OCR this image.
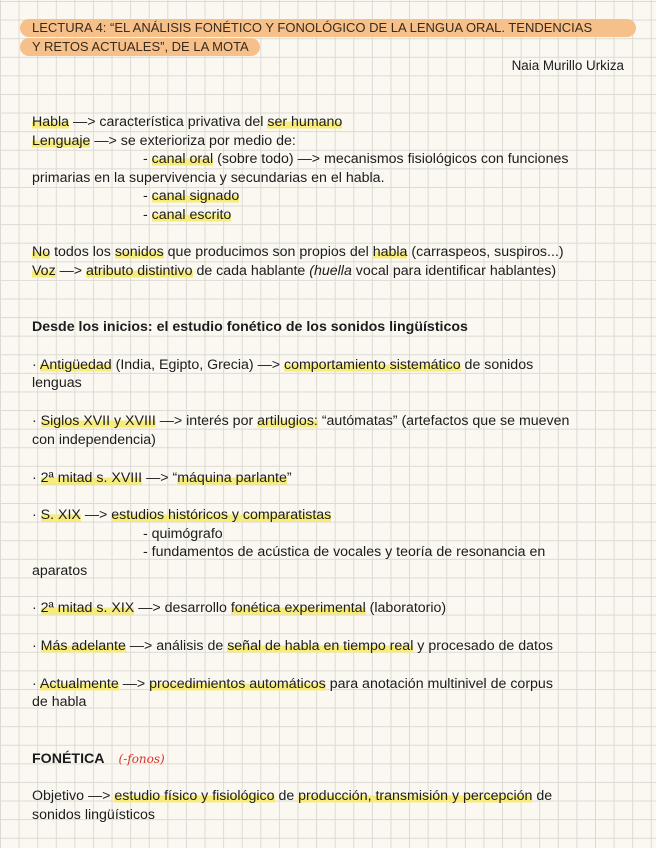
LECTURA 4: “EL ANÁLISIS FONÉTICO Y FONOLÓGICO DE LA LENGUA ORAL. TENDENCIAS
Y RETOS ACTUALES”, DE LA MOTA
Naia Murillo Urkiza
Habla —> característica privativa del ser humano
Lenguaje —> se exterioriza por medio de:
- canal oral (sobre todo) —> mecanismos fisiológicos con funciones
primarias en la supervivencia y secundarias en el habla.
- canal signado
- canal escrito
No todos los sonidos que producimos son propios del habla (carraspeos, suspiros...)
Voz —> atributo distintivo de cada hablante (huella vocal para identificar hablantes)
Desde los inicios: el estudio fonético de los sonidos lingüísticos
· Antigüedad (India, Egipto, Grecia) —> comportamiento sistemático de sonidos
lenguas
· Siglos XVII y XVIII —> interés por artilugios: “autómatas” (artefactos que se mueven
con independencia)
· 2ª mitad s. XVIII —> “máquina parlante”
· S. XIX —> estudios históricos y comparatistas
- quimógrafo
- fundamentos de acústica de vocales y teoría de resonancia en
aparatos
· 2ª mitad s. XIX —> desarrollo fonética experimental (laboratorio)
· Más adelante —> análisis de señal de habla en tiempo real y procesado de datos
· Actualmente —> procedimientos automáticos para anotación multinivel de corpus
de habla
FONÉTICA (-fonos)
Objetivo —> estudio físico y fisiológico de producción, transmisión y percepción de
sonidos lingüísticos
